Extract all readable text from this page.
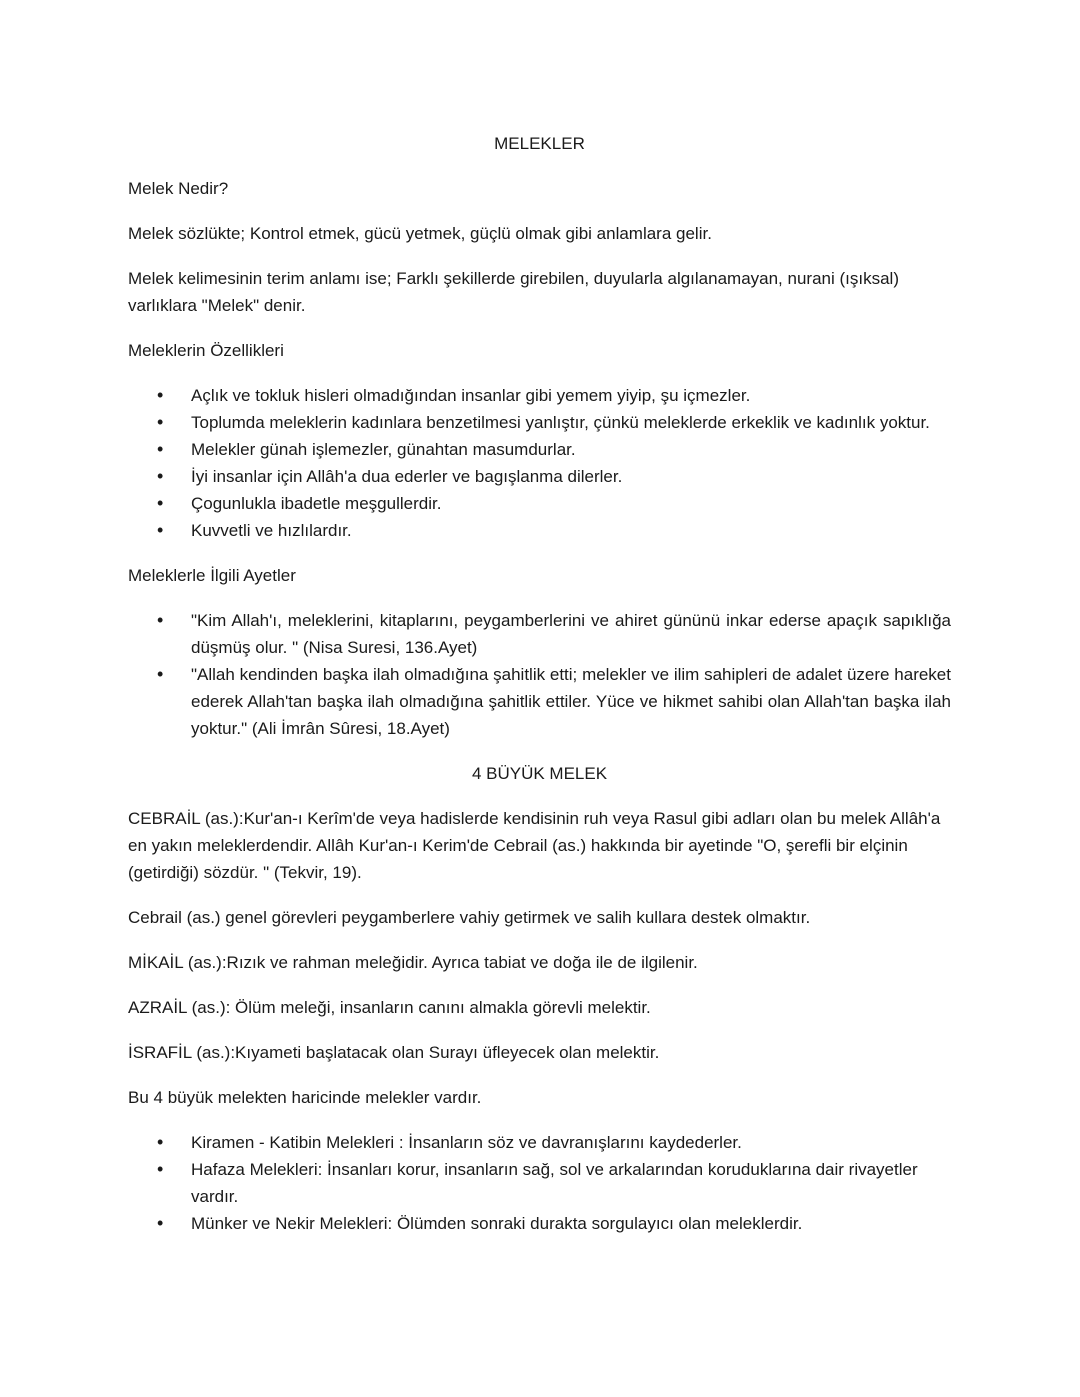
MELEKLER

Melek Nedir?

Melek sözlükte; Kontrol etmek, gücü yetmek, güçlü olmak gibi anlamlara gelir.

Melek kelimesinin terim anlamı ise; Farklı şekillerde girebilen, duyularla algılanamayan, nurani (ışıksal) varlıklara "Melek" denir.

Meleklerin Özellikleri

• Açlık ve tokluk hisleri olmadığından insanlar gibi yemem yiyip, şu içmezler.
• Toplumda meleklerin kadınlara benzetilmesi yanlıştır, çünkü meleklerde erkeklik ve kadınlık yoktur.
• Melekler günah işlemezler, günahtan masumdurlar.
• İyi insanlar için Allâh'a dua ederler ve bagışlanma dilerler.
• Çogunlukla ibadetle meşgullerdir.
• Kuvvetli ve hızlılardır.

Meleklerle İlgili Ayetler

• "Kim Allah'ı, meleklerini, kitaplarını, peygamberlerini ve ahiret gününü inkar ederse apaçık sapıklığa düşmüş olur. " (Nisa Suresi, 136.Ayet)
• "Allah kendinden başka ilah olmadığına şahitlik etti; melekler ve ilim sahipleri de adalet üzere hareket ederek Allah'tan başka ilah olmadığına şahitlik ettiler. Yüce ve hikmet sahibi olan Allah'tan başka ilah yoktur." (Ali İmrân Sûresi, 18.Ayet)
4 BÜYÜK MELEK

CEBRAİL (as.):Kur'an-ı Kerîm'de veya hadislerde kendisinin ruh veya Rasul gibi adları olan bu melek Allâh'a en yakın meleklerdendir. Allâh Kur'an-ı Kerim'de Cebrail (as.) hakkında bir ayetinde "O, şerefli bir elçinin (getirdiği) sözdür. " (Tekvir, 19).

Cebrail (as.) genel görevleri peygamberlere vahiy getirmek ve salih kullara destek olmaktır.

MİKAİL (as.):Rızık ve rahman meleğidir. Ayrıca tabiat ve doğa ile de ilgilenir.

AZRAİL (as.): Ölüm meleği, insanların canını almakla görevli melektir.

İSRAFİL (as.):Kıyameti başlatacak olan Surayı üfleyecek olan melektir.

Bu 4 büyük melekten haricinde melekler vardır.

• Kiramen - Katibin Melekleri : İnsanların söz ve davranışlarını kaydederler.
• Hafaza Melekleri: İnsanları korur, insanların sağ, sol ve arkalarından koruduklarına dair rivayetler vardır.
• Münker ve Nekir Melekleri: Ölümden sonraki durakta sorgulayıcı olan meleklerdir.
